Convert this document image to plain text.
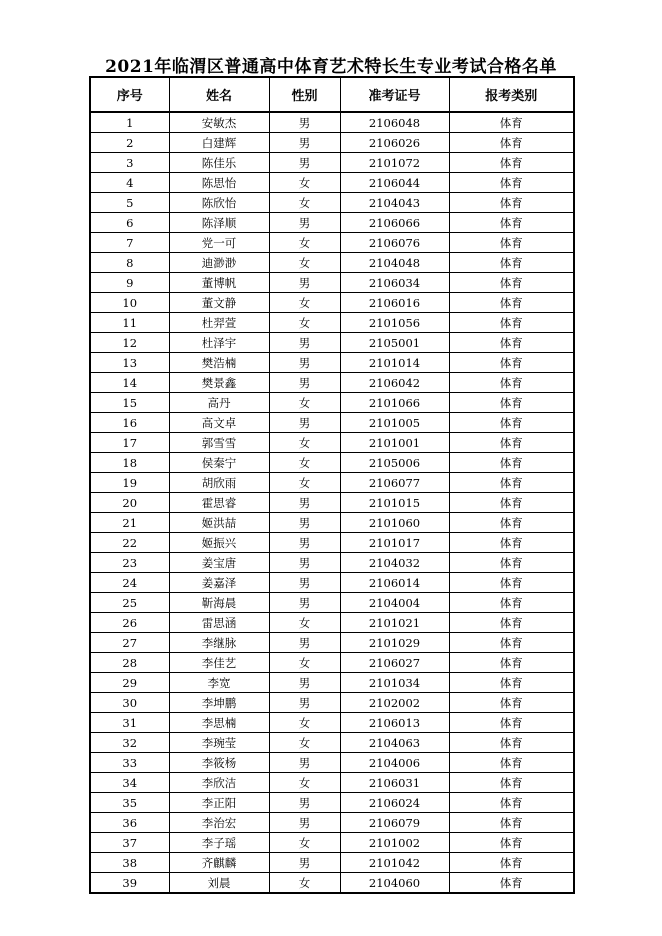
2021年临渭区普通高中体育艺术特长生专业考试合格名单
序号	姓名	性别	准考证号	报考类别
1	安敏杰	男	2106048	体育
2	白建辉	男	2106026	体育
3	陈佳乐	男	2101072	体育
4	陈思怡	女	2106044	体育
5	陈欣怡	女	2104043	体育
6	陈泽顺	男	2106066	体育
7	党一可	女	2106076	体育
8	迪渺渺	女	2104048	体育
9	董博帆	男	2106034	体育
10	董文静	女	2106016	体育
11	杜羿萱	女	2101056	体育
12	杜泽宇	男	2105001	体育
13	樊浩楠	男	2101014	体育
14	樊景鑫	男	2106042	体育
15	高丹	女	2101066	体育
16	高文卓	男	2101005	体育
17	郭雪雪	女	2101001	体育
18	侯秦宁	女	2105006	体育
19	胡欣雨	女	2106077	体育
20	霍思睿	男	2101015	体育
21	姬洪喆	男	2101060	体育
22	姬振兴	男	2101017	体育
23	姜宝唐	男	2104032	体育
24	姜嘉泽	男	2106014	体育
25	靳海晨	男	2104004	体育
26	雷思涵	女	2101021	体育
27	李继脉	男	2101029	体育
28	李佳艺	女	2106027	体育
29	李宽	男	2101034	体育
30	李坤鹏	男	2102002	体育
31	李思楠	女	2106013	体育
32	李琬莹	女	2104063	体育
33	李筱杨	男	2104006	体育
34	李欣洁	女	2106031	体育
35	李正阳	男	2106024	体育
36	李治宏	男	2106079	体育
37	李子瑶	女	2101002	体育
38	齐麒麟	男	2101042	体育
39	刘晨	女	2104060	体育
